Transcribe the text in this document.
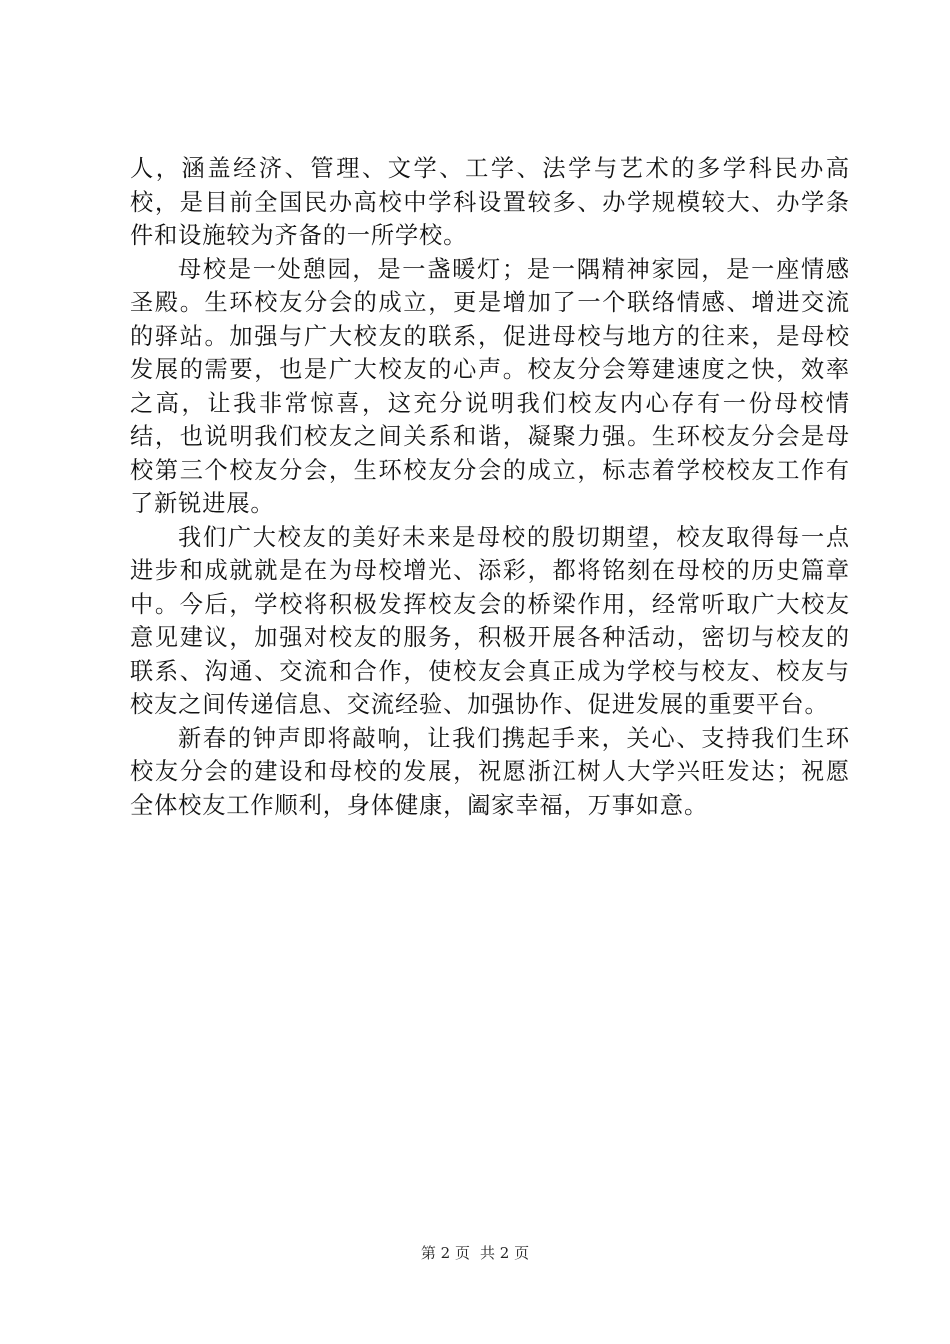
人，涵盖经济、管理、文学、工学、法学与艺术的多学科民办高校，是目前全国民办高校中学科设置较多、办学规模较大、办学条件和设施较为齐备的一所学校。

母校是一处憩园，是一盏暖灯；是一隅精神家园，是一座情感圣殿。生环校友分会的成立，更是增加了一个联络情感、增进交流的驿站。加强与广大校友的联系，促进母校与地方的往来，是母校发展的需要，也是广大校友的心声。校友分会筹建速度之快，效率之高，让我非常惊喜，这充分说明我们校友内心存有一份母校情结，也说明我们校友之间关系和谐，凝聚力强。生环校友分会是母校第三个校友分会，生环校友分会的成立，标志着学校校友工作有了新锐进展。

我们广大校友的美好未来是母校的殷切期望，校友取得每一点进步和成就就是在为母校增光、添彩，都将铭刻在母校的历史篇章中。今后，学校将积极发挥校友会的桥梁作用，经常听取广大校友意见建议，加强对校友的服务，积极开展各种活动，密切与校友的联系、沟通、交流和合作，使校友会真正成为学校与校友、校友与校友之间传递信息、交流经验、加强协作、促进发展的重要平台。

新春的钟声即将敲响，让我们携起手来，关心、支持我们生环校友分会的建设和母校的发展，祝愿浙江树人大学兴旺发达；祝愿全体校友工作顺利，身体健康，阖家幸福，万事如意。

第 2 页 共 2 页
